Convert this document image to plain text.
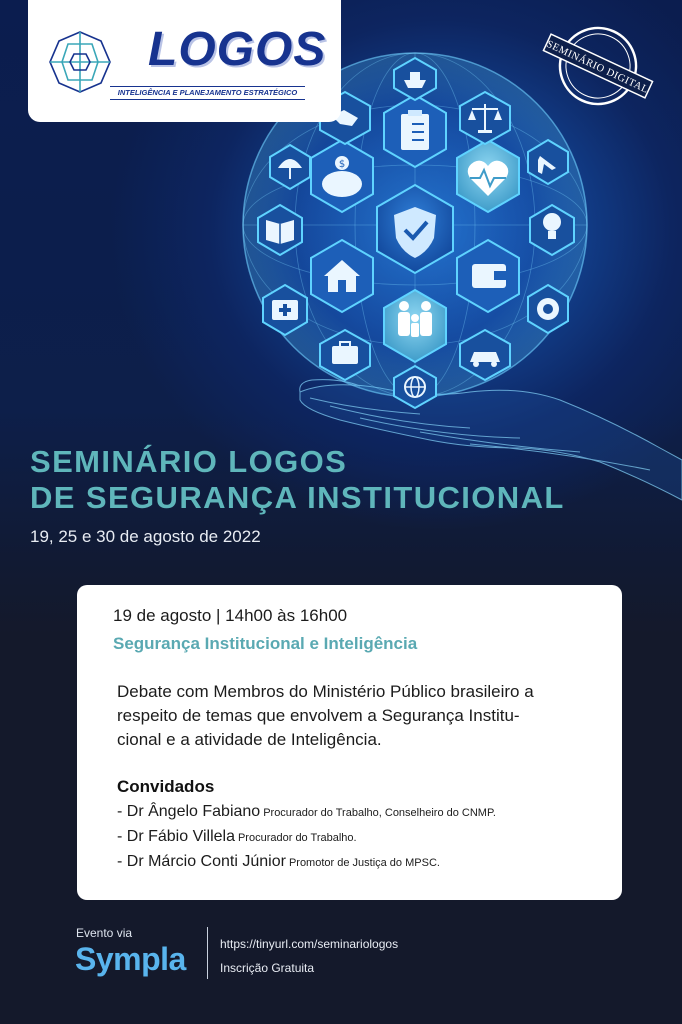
$
LOGOS
INTELIGÊNCIA E PLANEJAMENTO ESTRATÉGICO	SEMINÁRIO DIGITAL
SEMINÁRIO LOGOS
DE SEGURANÇA INSTITUCIONAL
19, 25 e 30 de agosto de 2022
19 de agosto | 14h00 às 16h00
Segurança Institucional e Inteligência

Debate com Membros do Ministério Público brasileiro a
respeito de temas que envolvem a Segurança Institu-
cional e a atividade de Inteligência.

Convidados
- Dr Ângelo Fabiano Procurador do Trabalho, Conselheiro do CNMP.
- Dr Fábio Villela Procurador do Trabalho.
- Dr Márcio Conti Júnior Promotor de Justiça do MPSC.
Evento via
Sympla	https://tinyurl.com/seminariologos
Inscrição Gratuita
